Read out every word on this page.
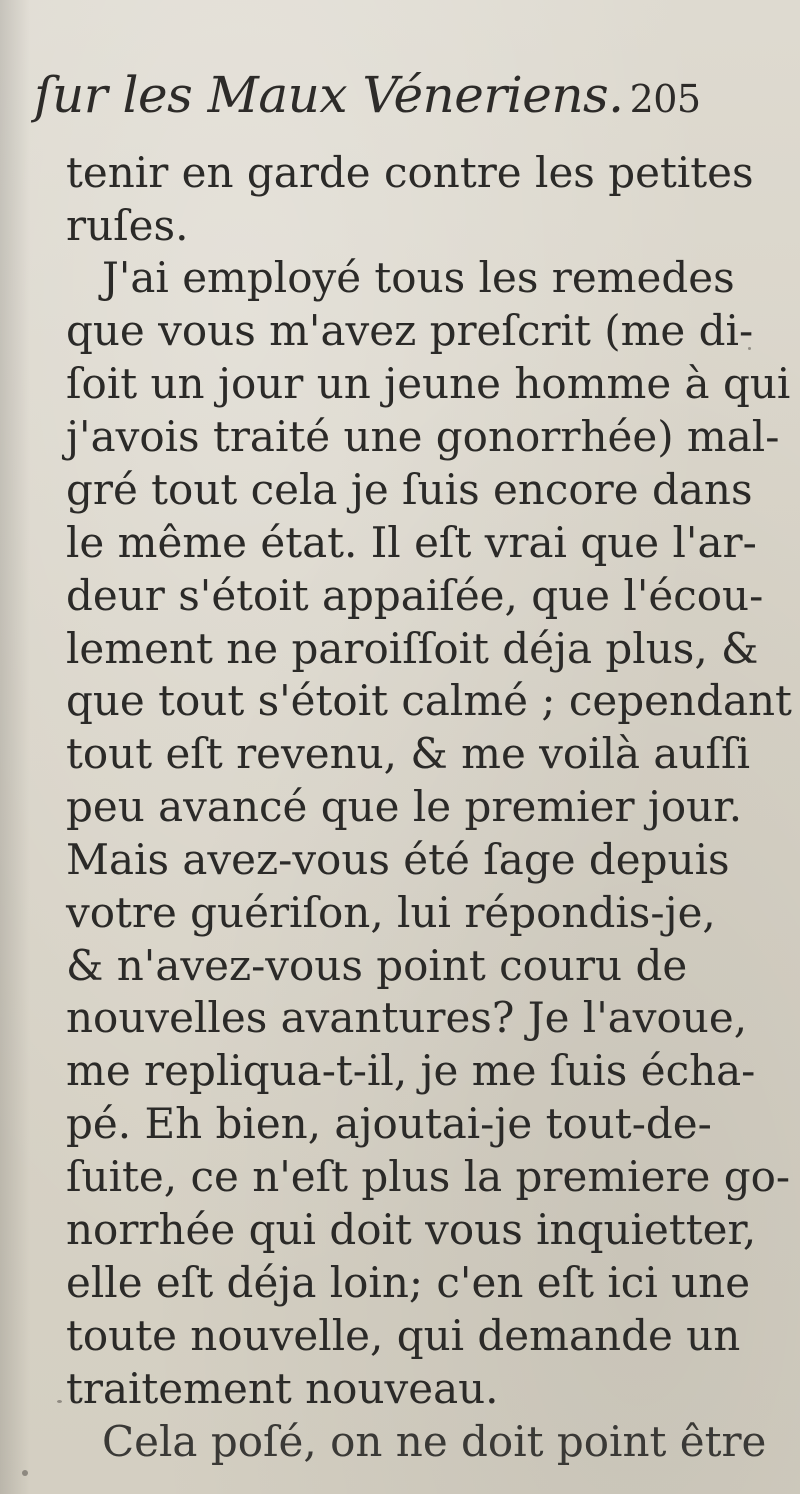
ſur les Maux Véneriens. 205
tenir en garde contre les petites
ruſes.
J'ai employé tous les remedes
que vous m'avez preſcrit (me di-
ſoit un jour un jeune homme à qui
j'avois traité une gonorrhée) mal-
gré tout cela je ſuis encore dans
le même état. Il eſt vrai que l'ar-
deur s'étoit appaiſée, que l'écou-
lement ne paroiſſoit déja plus, &
que tout s'étoit calmé ; cependant
tout eſt revenu, & me voilà auſſi
peu avancé que le premier jour.
Mais avez-vous été ſage depuis
votre guériſon, lui répondis-je,
& n'avez-vous point couru de
nouvelles avantures? Je l'avoue,
me repliqua-t-il, je me ſuis écha-
pé. Eh bien, ajoutai-je tout-de-
ſuite, ce n'eſt plus la premiere go-
norrhée qui doit vous inquietter,
elle eſt déja loin; c'en eſt ici une
toute nouvelle, qui demande un
traitement nouveau.
Cela poſé, on ne doit point être
